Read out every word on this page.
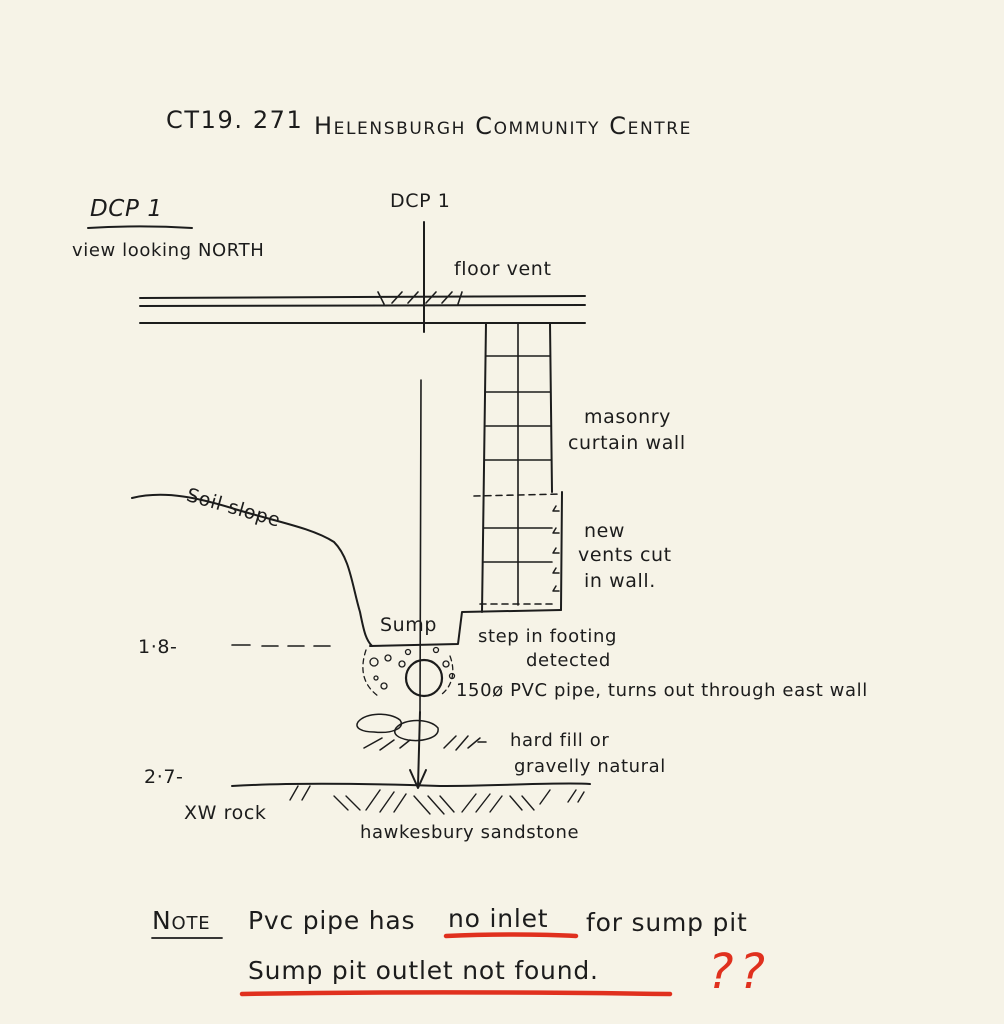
CT19. 271 Helensburgh Community Centre
DCP 1
view looking NORTH
DCP 1
floor vent
masonry
curtain wall
Soil slope	new
vents cut
in wall.
Sump
step in footing
detected
1·8-
150ø PVC pipe, turns out through east wall
hard fill or
gravelly natural
2·7-
XW rock
hawkesbury sandstone
Note Pvc pipe has no inlet for sump pit
Sump pit outlet not found. ??
